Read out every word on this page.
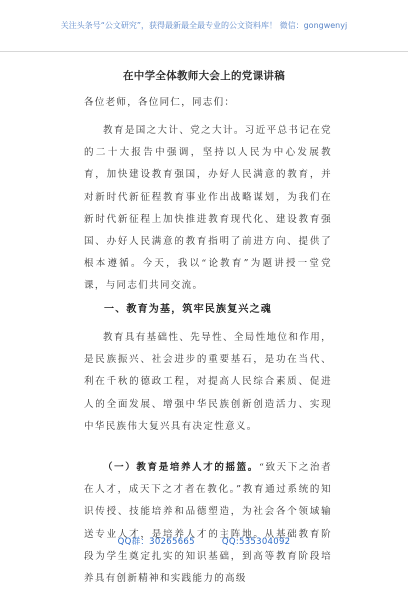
关注头条号“公文研究”，获得最新最全最专业的公文资料库！ 微信：gongwenyj
在中学全体教师大会上的党课讲稿
各位老师，各位同仁，同志们：

教育是国之大计、党之大计。习近平总书记在党的二十大报告中强调，坚持以人民为中心发展教育，加快建设教育强国，办好人民满意的教育，并对新时代新征程教育事业作出战略谋划，为我们在新时代新征程上加快推进教育现代化、建设教育强国、办好人民满意的教育指明了前进方向、提供了根本遵循。今天，我以“论教育”为题讲授一堂党课，与同志们共同交流。

一、教育为基，筑牢民族复兴之魂

教育具有基础性、先导性、全局性地位和作用，是民族振兴、社会进步的重要基石，是功在当代、利在千秋的德政工程，对提高人民综合素质、促进人的全面发展、增强中华民族创新创造活力、实现中华民族伟大复兴具有决定性意义。

（一）教育是培养人才的摇篮。“致天下之治者在人才，成天下之才者在教化。”教育通过系统的知识传授、技能培养和品德塑造，为社会各个领域输送专业人才，是培养人才的主阵地。从基础教育阶段为学生奠定扎实的知识基础，到高等教育阶段培养具有创新精神和实践能力的高级

QQ群：30265665	QQ:535304092
